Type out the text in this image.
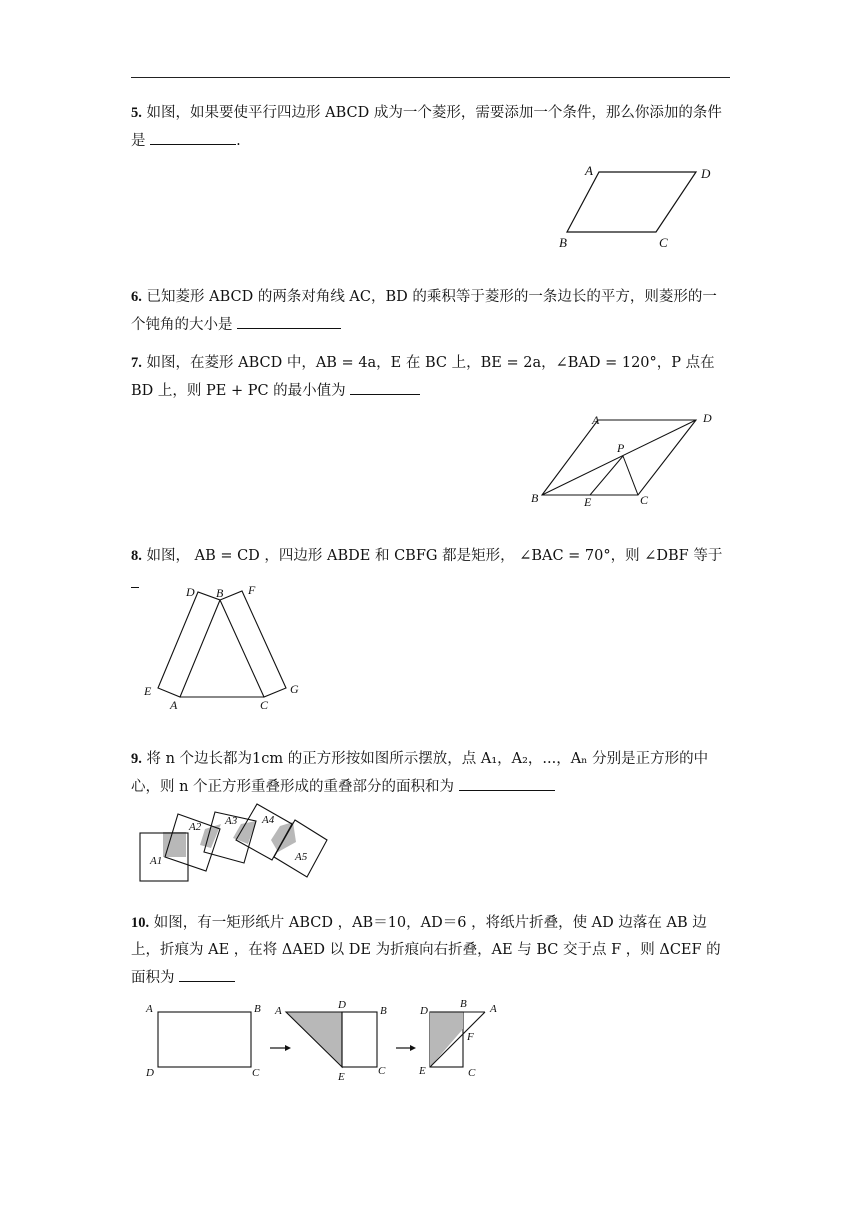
5. 如图，如果要使平行四边形 ABCD 成为一个菱形，需要添加一个条件，那么你添加的条件是	.
A	D
B	C
6. 已知菱形 ABCD 的两条对角线 AC，BD 的乘积等于菱形的一条边长的平方，则菱形的一个钝角的大小是
7. 如图，在菱形 ABCD 中，AB = 4a，E 在 BC 上，BE = 2a，∠BAD = 120°，P 点在 BD 上，则 PE + PC 的最小值为
A	D
P
B	E	C
8. 如图， AB = CD ，四边形 ABDE 和 CBFG 都是矩形， ∠BAC = 70°，则 ∠DBF 等于
D B F
E
A	C
G
9. 将 n 个边长都为1cm 的正方形按如图所示摆放，点 A₁，A₂，...，Aₙ 分别是正方形的中心，则 n 个正方形重叠形成的重叠部分的面积和为
A1
A2 A3 A4
A5
10. 如图，有一矩形纸片 ABCD ，AB＝10，AD＝6 ，将纸片折叠，使 AD 边落在 AB 边上，折痕为 AE ，在将 ΔAED 以 DE 为折痕向右折叠，AE 与 BC 交于点 F ，则 ΔCEF 的面积为
A	B
D	C
A	D	B
E	C
D
B A
F
E	C
